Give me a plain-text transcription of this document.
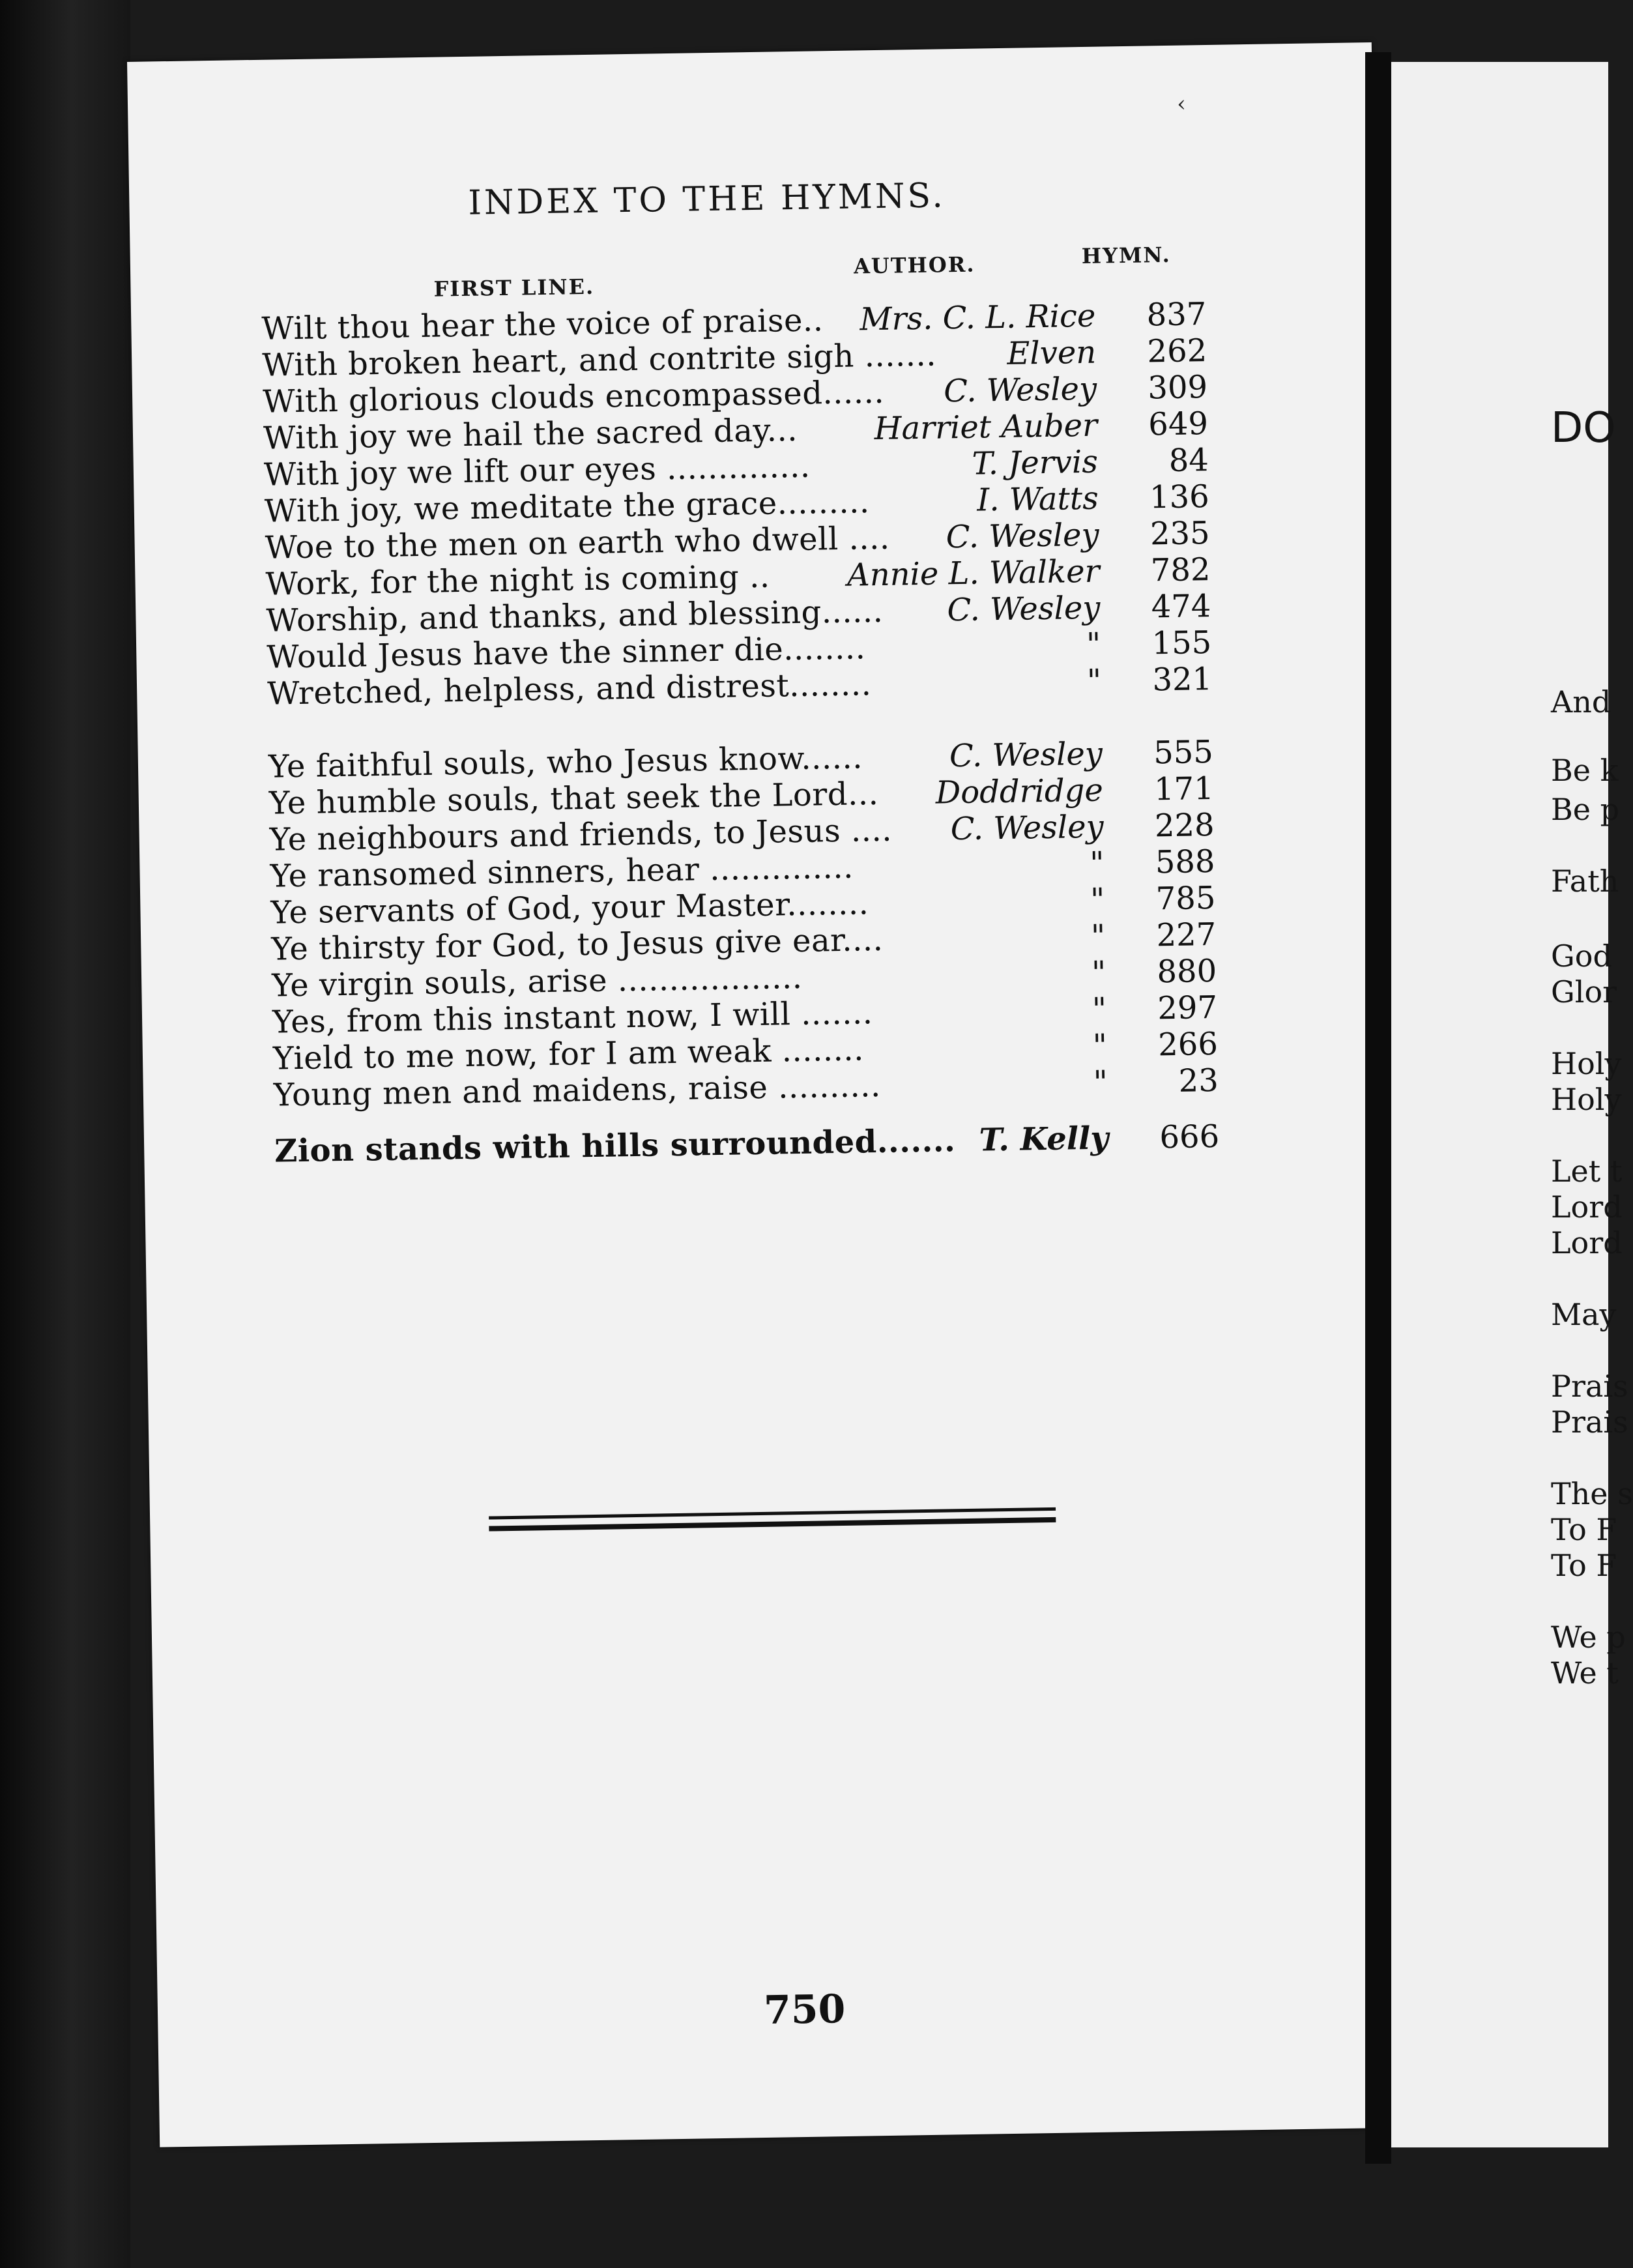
‹
INDEX TO THE HYMNS.
FIRST LINE.
AUTHOR.	HYMN.
Wilt thou hear the voice of praise.. Mrs. C. L. Rice	837
With broken heart, and contrite sigh ....... Elven	262
With glorious clouds encompassed...... C. Wesley	309
With joy we hail the sacred day... Harriet Auber	649
With joy we lift our eyes ..............	T. Jervis	84
With joy, we meditate the grace.........	I. Watts	136
Woe to the men on earth who dwell .... C. Wesley	235
Work, for the night is coming .. Annie L. Walker	782
Worship, and thanks, and blessing...... C. Wesley	474
Would Jesus have the sinner die........	"	155
Wretched, helpless, and distrest........	"	321
Ye faithful souls, who Jesus know......	C. Wesley	555
Ye humble souls, that seek the Lord... Doddridge	171
Ye neighbours and friends, to Jesus .... C. Wesley	228
Ye ransomed sinners, hear ..............	"	588
Ye servants of God, your Master........	"	785
Ye thirsty for God, to Jesus give ear....	"	227
Ye virgin souls, arise ..................	"	880
Yes, from this instant now, I will .......	"	297
Yield to me now, for I am weak ........	"	266
Young men and maidens, raise ..........	"	23
Zion stands with hills surrounded....... T. Kelly	666
750
DO
And
Be k
Be p
Fath
God
Glor
Holy
Holy
Let t
Lord
Lord
May
Prais
Prais
The s
To F
To F
We p
We t
